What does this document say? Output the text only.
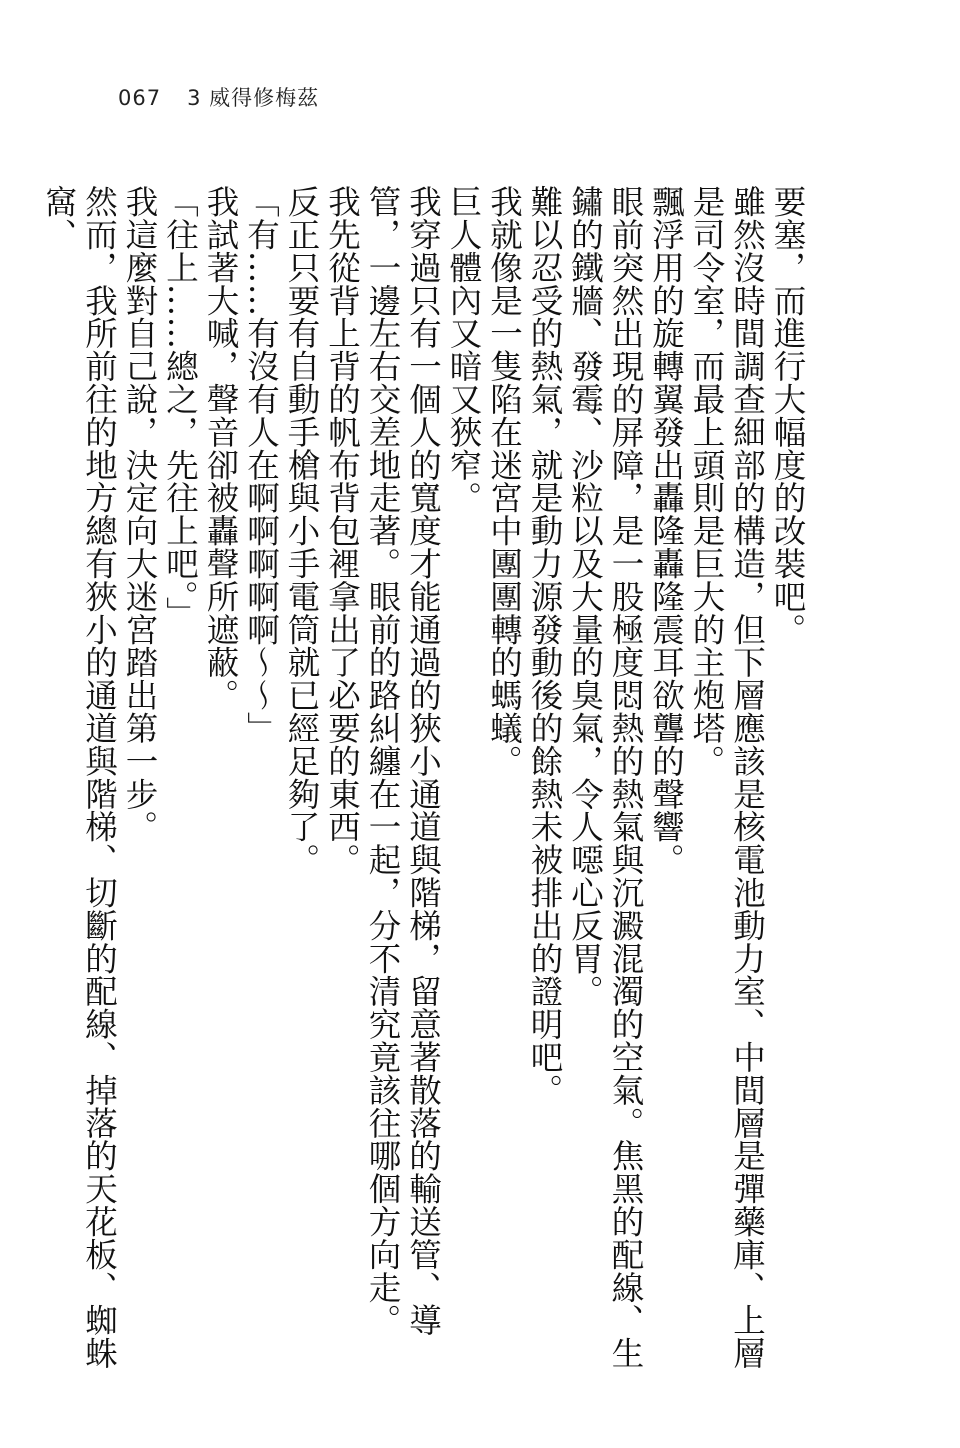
067 3 威得修梅茲

要塞，而進行大幅度的改裝吧。

雖然沒時間調查細部的構造，但下層應該是核電池動力室、中間層是彈藥庫、上層是司令室，而最上頭則是巨大的主炮塔。

飄浮用的旋轉翼發出轟隆轟隆震耳欲聾的聲響。

眼前突然出現的屏障，是一股極度悶熱的熱氣與沉澱混濁的空氣。焦黑的配線、生鏽的鐵牆、發霉、沙粒以及大量的臭氣，令人噁心反胃。

難以忍受的熱氣，就是動力源發動後的餘熱未被排出的證明吧。

我就像是一隻陷在迷宮中團團轉的螞蟻。

巨人體內又暗又狹窄。

我穿過只有一個人的寬度才能通過的狹小通道與階梯，留意著散落的輸送管、導管，一邊左右交差地走著。眼前的路糾纏在一起，分不清究竟該往哪個方向走。

我先從背上背的帆布背包裡拿出了必要的東西。

反正只要有自動手槍與小手電筒就已經足夠了。

「有……有沒有人在啊啊啊啊啊～～」

我試著大喊，聲音卻被轟聲所遮蔽。

「往上……總之，先往上吧。」

我這麼對自己說，決定向大迷宮踏出第一步。

然而，我所前往的地方總有狹小的通道與階梯、切斷的配線、掉落的天花板、蜘蛛窩、
